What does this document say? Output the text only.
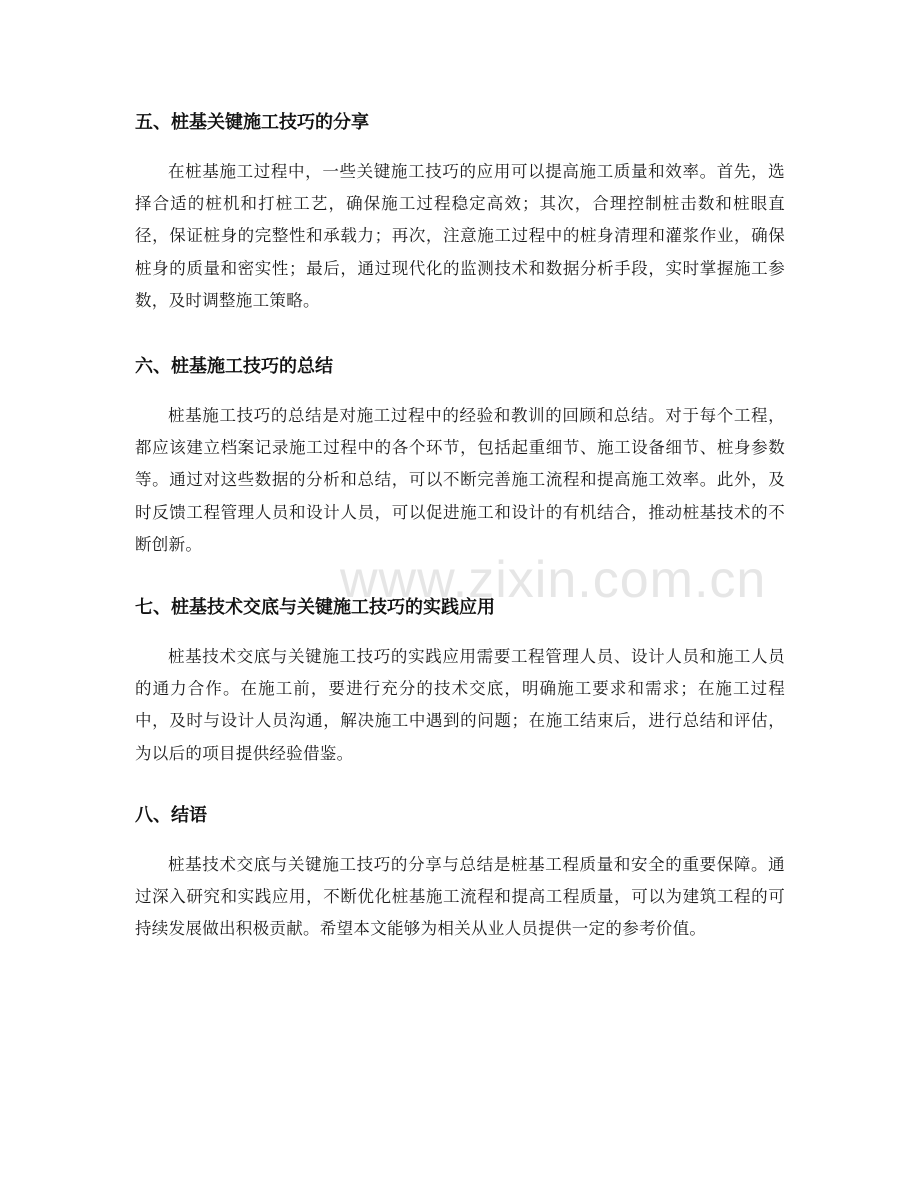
www.zixin.com.cn
五、桩基关键施工技巧的分享

在桩基施工过程中，一些关键施工技巧的应用可以提高施工质量和效率。首先，选择合适的桩机和打桩工艺，确保施工过程稳定高效；其次，合理控制桩击数和桩眼直径，保证桩身的完整性和承载力；再次，注意施工过程中的桩身清理和灌浆作业，确保桩身的质量和密实性；最后，通过现代化的监测技术和数据分析手段，实时掌握施工参数，及时调整施工策略。

六、桩基施工技巧的总结

桩基施工技巧的总结是对施工过程中的经验和教训的回顾和总结。对于每个工程，都应该建立档案记录施工过程中的各个环节，包括起重细节、施工设备细节、桩身参数等。通过对这些数据的分析和总结，可以不断完善施工流程和提高施工效率。此外，及时反馈工程管理人员和设计人员，可以促进施工和设计的有机结合，推动桩基技术的不断创新。

七、桩基技术交底与关键施工技巧的实践应用

桩基技术交底与关键施工技巧的实践应用需要工程管理人员、设计人员和施工人员的通力合作。在施工前，要进行充分的技术交底，明确施工要求和需求；在施工过程中，及时与设计人员沟通，解决施工中遇到的问题；在施工结束后，进行总结和评估，为以后的项目提供经验借鉴。

八、结语

桩基技术交底与关键施工技巧的分享与总结是桩基工程质量和安全的重要保障。通过深入研究和实践应用，不断优化桩基施工流程和提高工程质量，可以为建筑工程的可持续发展做出积极贡献。希望本文能够为相关从业人员提供一定的参考价值。
